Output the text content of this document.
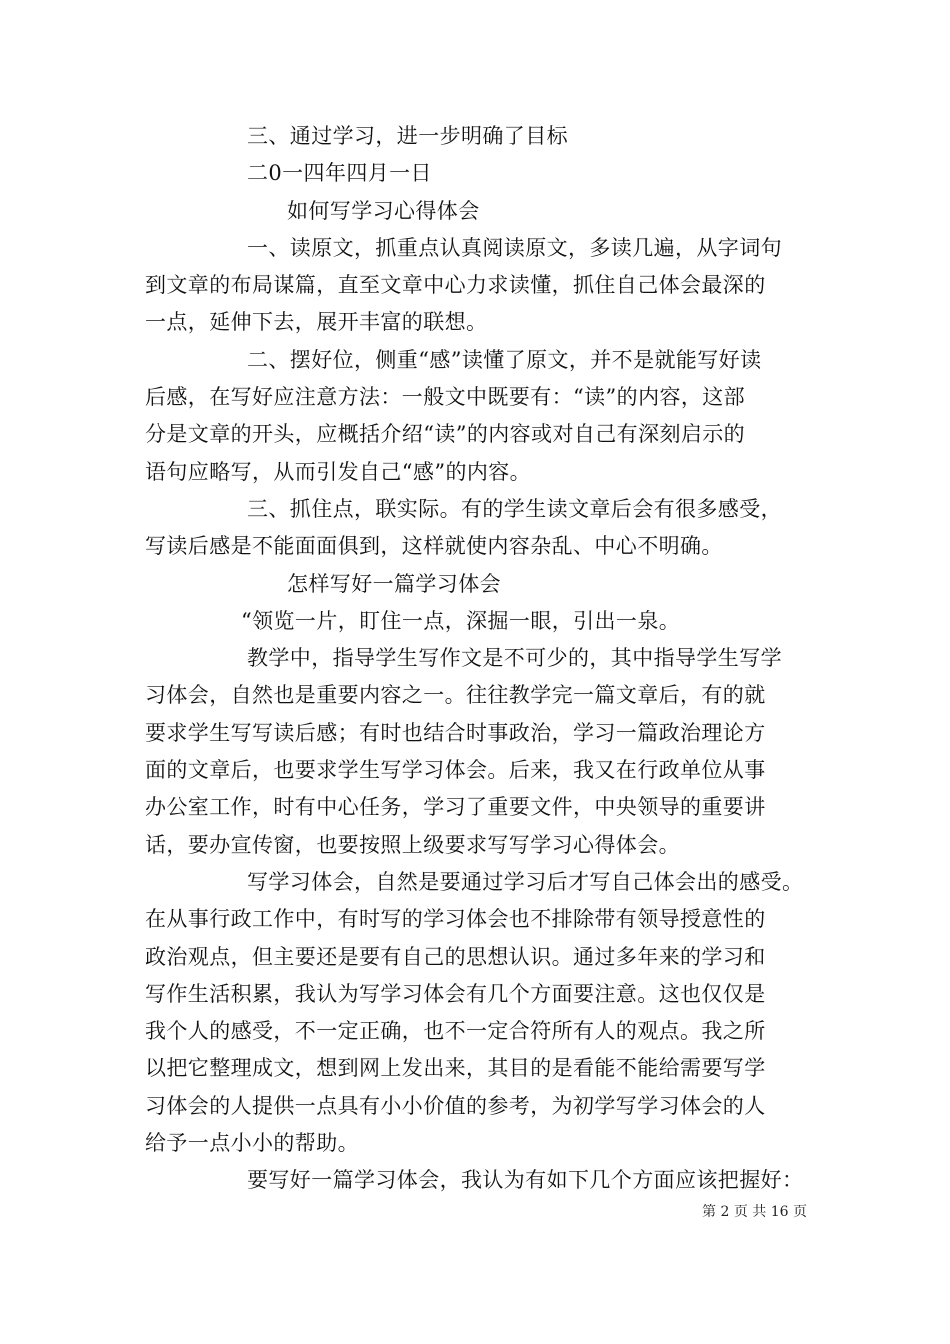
三、通过学习，进一步明确了目标
二0一四年四月一日
如何写学习心得体会
一、读原文，抓重点认真阅读原文，多读几遍，从字词句
到文章的布局谋篇，直至文章中心力求读懂，抓住自己体会最深的
一点，延伸下去，展开丰富的联想。
二、摆好位，侧重“感”读懂了原文，并不是就能写好读
后感，在写好应注意方法：一般文中既要有：“读”的内容，这部
分是文章的开头，应概括介绍“读”的内容或对自己有深刻启示的
语句应略写，从而引发自己“感”的内容。
三、抓住点，联实际。有的学生读文章后会有很多感受，
写读后感是不能面面俱到，这样就使内容杂乱、中心不明确。
怎样写好一篇学习体会
“领览一片，盯住一点，深掘一眼，引出一泉。
教学中，指导学生写作文是不可少的，其中指导学生写学
习体会，自然也是重要内容之一。往往教学完一篇文章后，有的就
要求学生写写读后感；有时也结合时事政治，学习一篇政治理论方
面的文章后，也要求学生写学习体会。后来，我又在行政单位从事
办公室工作，时有中心任务，学习了重要文件，中央领导的重要讲
话，要办宣传窗，也要按照上级要求写写学习心得体会。
写学习体会，自然是要通过学习后才写自己体会出的感受。
在从事行政工作中，有时写的学习体会也不排除带有领导授意性的
政治观点，但主要还是要有自己的思想认识。通过多年来的学习和
写作生活积累，我认为写学习体会有几个方面要注意。这也仅仅是
我个人的感受，不一定正确，也不一定合符所有人的观点。我之所
以把它整理成文，想到网上发出来，其目的是看能不能给需要写学
习体会的人提供一点具有小小价值的参考，为初学写学习体会的人
给予一点小小的帮助。
要写好一篇学习体会，我认为有如下几个方面应该把握好：
第 2 页 共 16 页
